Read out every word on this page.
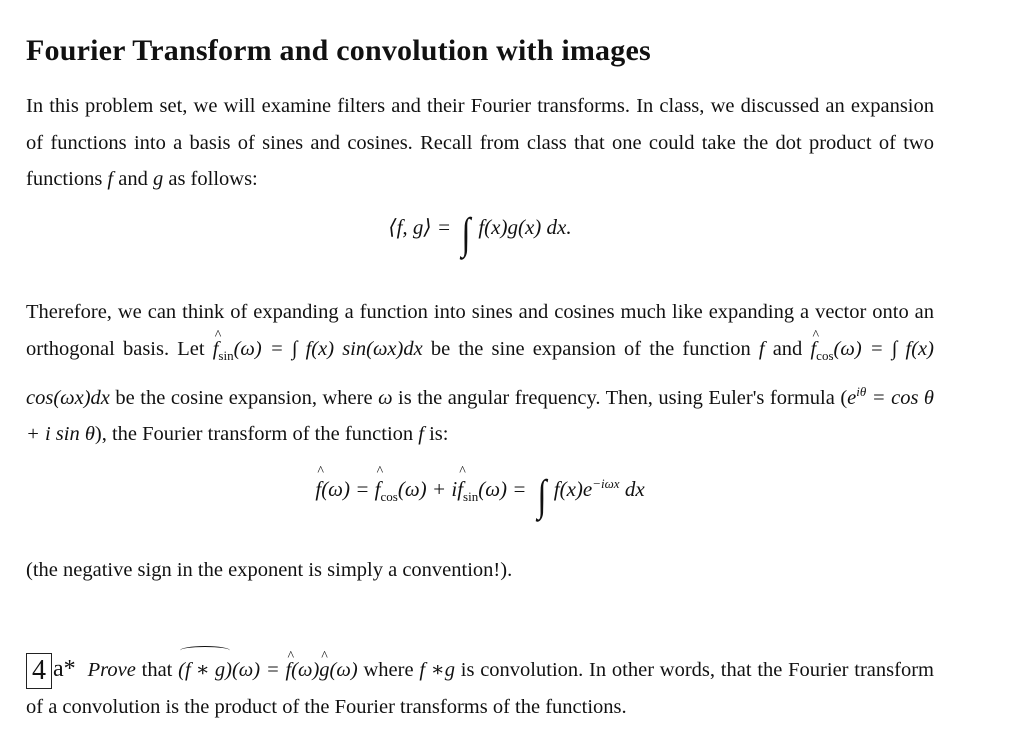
Fourier Transform and convolution with images

In this problem set, we will examine filters and their Fourier transforms. In class, we discussed an expansion of functions into a basis of sines and cosines. Recall from class that one could take the dot product of two functions f and g as follows:

⟨f, g⟩ = ∫ f(x)g(x) dx.

Therefore, we can think of expanding a function into sines and cosines much like expanding a vector onto an orthogonal basis. Let ^ $f_{sin}(\omega)$ = ∫ f(x) sin(ωx)dx be the sine expansion of the function f and ^ $f_{cos}(\omega)$ = ∫ f(x) cos(ωx)dx be the cosine expansion, where ω is the angular frequency. Then, using Euler's formula ($e^{i\theta} = \cos \theta + i$ sin θ), the Fourier transform of the function f is:

^ f(ω) = ^ $f_{cos}(\omega)$ + i^ $f_{sin}(\omega)$ = ∫ $f(x)e^{-i\omega x}$ dx

(the negative sign in the exponent is simply a convention!).

4 a* Prove that (f ∗ g)(ω) = ^ f(ω)^ g(ω) where f ∗g is convolution. In other words, that the Fourier transform of a convolution is the product of the Fourier transforms of the functions.
